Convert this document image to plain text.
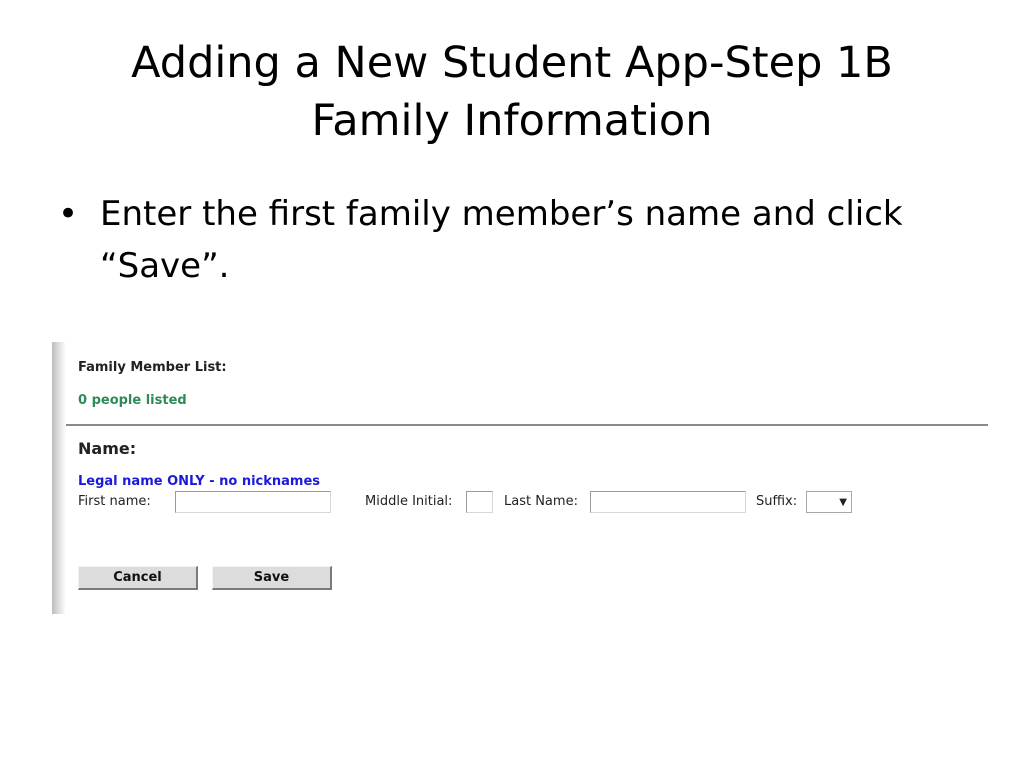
Adding a New Student App-Step 1B
Family Information
• Enter the first family member’s name and click “Save”.
Family Member List:
0 people listed
Name:
Legal name ONLY - no nicknames
First name:	Middle Initial:	Last Name:	Suffix:	▼
Cancel	Save
